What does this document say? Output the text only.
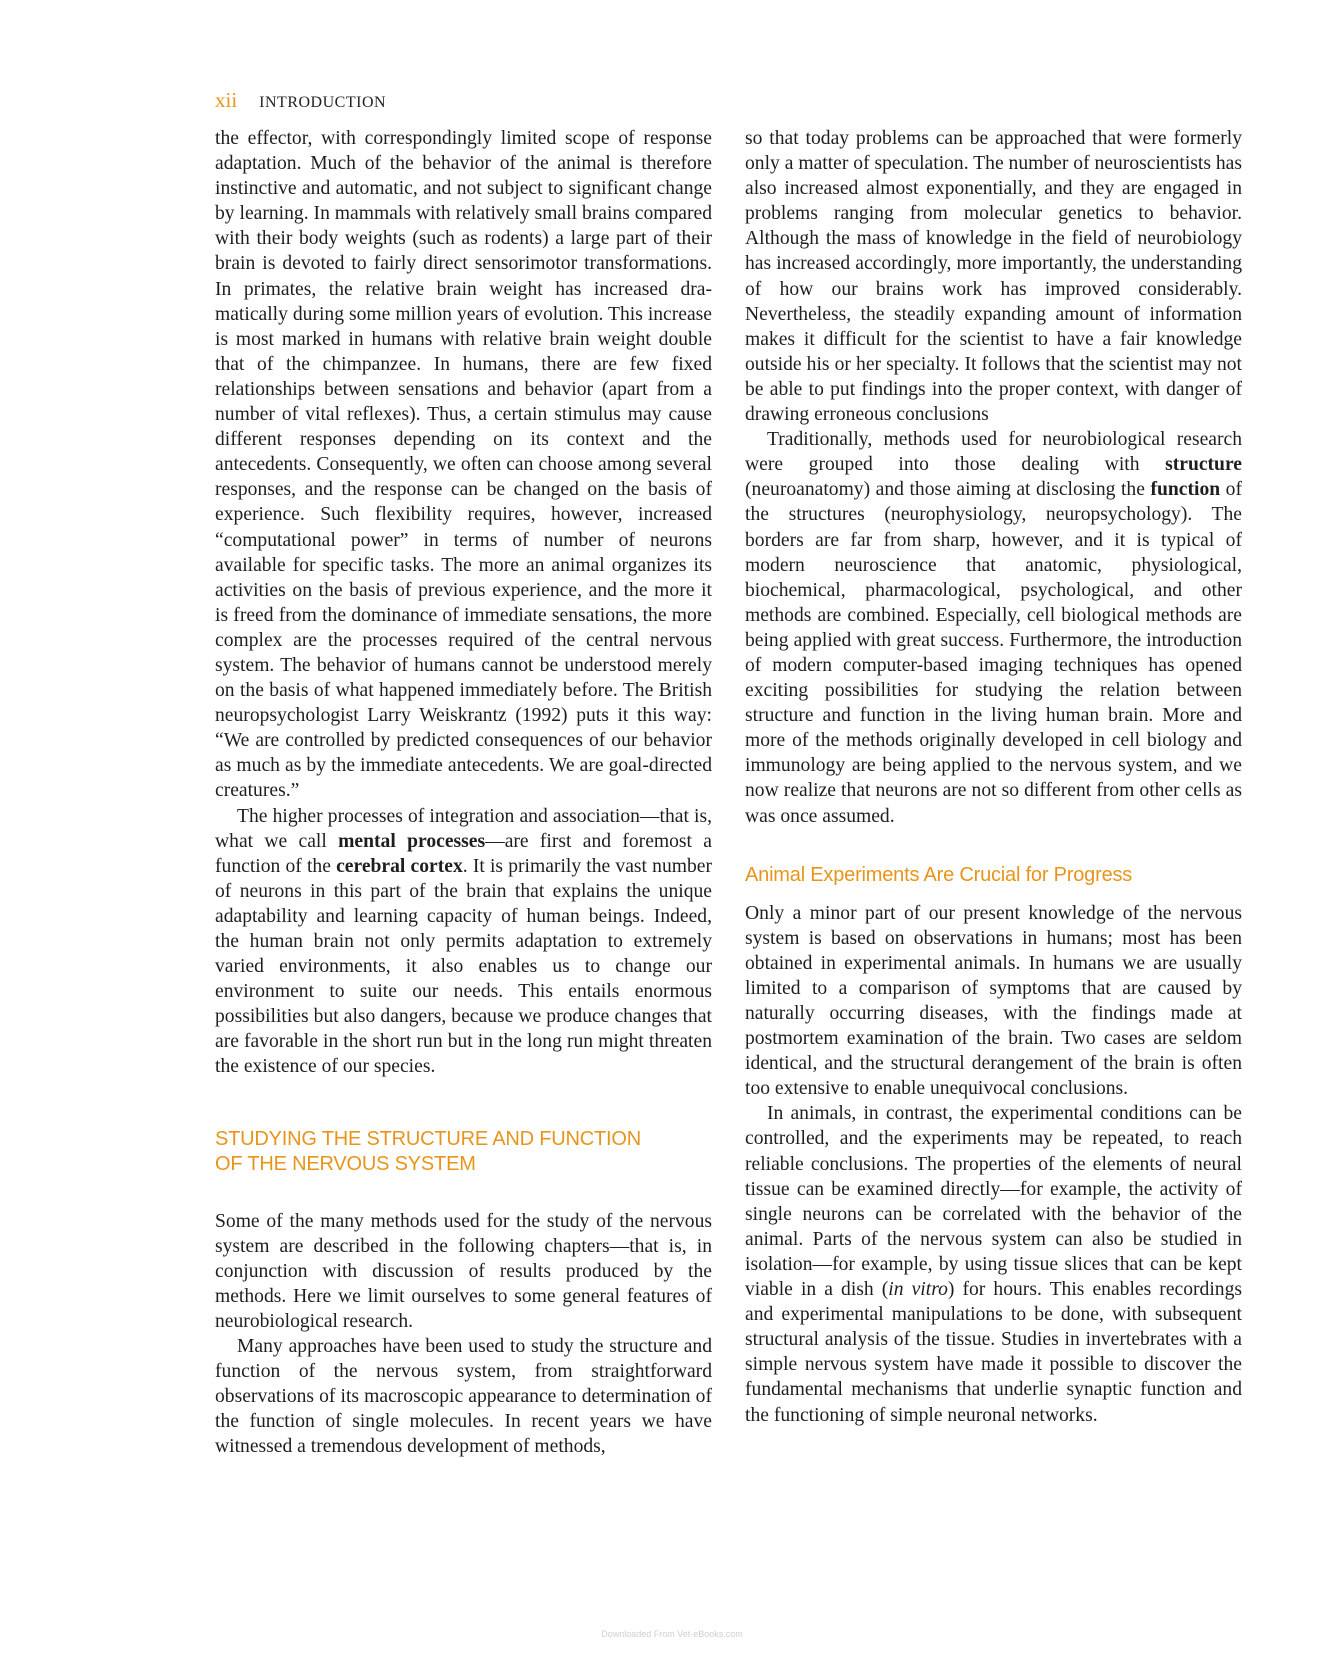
xii INTRODUCTION

the effector, with correspondingly limited scope of response adaptation. Much of the behavior of the animal is therefore instinctive and automatic, and not subject to significant change by learning. In mammals with relatively small brains compared with their body weights (such as rodents) a large part of their brain is devoted to fairly direct sensorimotor transformations. In primates, the relative brain weight has increased dramatically during some million years of evolution. This increase is most marked in humans with relative brain weight double that of the chimpanzee. In humans, there are few fixed relationships between sensations and behavior (apart from a number of vital reflexes). Thus, a certain stimulus may cause different responses depending on its context and the antecedents. Consequently, we often can choose among several responses, and the response can be changed on the basis of experience. Such flexibility requires, however, increased “computational power” in terms of number of neurons available for specific tasks. The more an animal organizes its activities on the basis of previous experience, and the more it is freed from the dominance of immediate sensations, the more complex are the processes required of the central nervous system. The behavior of humans cannot be understood merely on the basis of what happened immediately before. The British neuropsychologist Larry Weiskrantz (1992) puts it this way: “We are controlled by predicted consequences of our behavior as much as by the immediate antecedents. We are goal-directed creatures.”

The higher processes of integration and association—that is, what we call mental processes—are first and foremost a function of the cerebral cortex. It is primarily the vast number of neurons in this part of the brain that explains the unique adaptability and learning capacity of human beings. Indeed, the human brain not only permits adaptation to extremely varied environments, it also enables us to change our environment to suite our needs. This entails enormous possibilities but also dangers, because we produce changes that are favorable in the short run but in the long run might threaten the existence of our species.

STUDYING THE STRUCTURE AND FUNCTION
OF THE NERVOUS SYSTEM

Some of the many methods used for the study of the nervous system are described in the following chapters—that is, in conjunction with discussion of results produced by the methods. Here we limit ourselves to some general features of neurobiological research.

Many approaches have been used to study the structure and function of the nervous system, from straightforward observations of its macroscopic appearance to determination of the function of single molecules. In recent years we have witnessed a tremendous development of methods,

so that today problems can be approached that were formerly only a matter of speculation. The number of neuroscientists has also increased almost exponentially, and they are engaged in problems ranging from molecular genetics to behavior. Although the mass of knowledge in the field of neurobiology has increased accordingly, more importantly, the understanding of how our brains work has improved considerably. Nevertheless, the steadily expanding amount of information makes it difficult for the scientist to have a fair knowledge outside his or her specialty. It follows that the scientist may not be able to put findings into the proper context, with danger of drawing erroneous conclusions

Traditionally, methods used for neurobiological research were grouped into those dealing with structure (neuroanatomy) and those aiming at disclosing the function of the structures (neurophysiology, neuropsychology). The borders are far from sharp, however, and it is typical of modern neuroscience that anatomic, physiological, biochemical, pharmacological, psychological, and other methods are combined. Especially, cell biological methods are being applied with great success. Furthermore, the introduction of modern computer-based imaging techniques has opened exciting possibilities for studying the relation between structure and function in the living human brain. More and more of the methods originally developed in cell biology and immunology are being applied to the nervous system, and we now realize that neurons are not so different from other cells as was once assumed.

Animal Experiments Are Crucial for Progress

Only a minor part of our present knowledge of the nervous system is based on observations in humans; most has been obtained in experimental animals. In humans we are usually limited to a comparison of symptoms that are caused by naturally occurring diseases, with the findings made at postmortem examination of the brain. Two cases are seldom identical, and the structural derangement of the brain is often too extensive to enable unequivocal conclusions.

In animals, in contrast, the experimental conditions can be controlled, and the experiments may be repeated, to reach reliable conclusions. The properties of the elements of neural tissue can be examined directly—for example, the activity of single neurons can be correlated with the behavior of the animal. Parts of the nervous system can also be studied in isolation—for example, by using tissue slices that can be kept viable in a dish (in vitro) for hours. This enables recordings and experimental manipulations to be done, with subsequent structural analysis of the tissue. Studies in invertebrates with a simple nervous system have made it possible to discover the fundamental mechanisms that underlie synaptic function and the functioning of simple neuronal networks.

Downloaded From Vet-eBooks.com
